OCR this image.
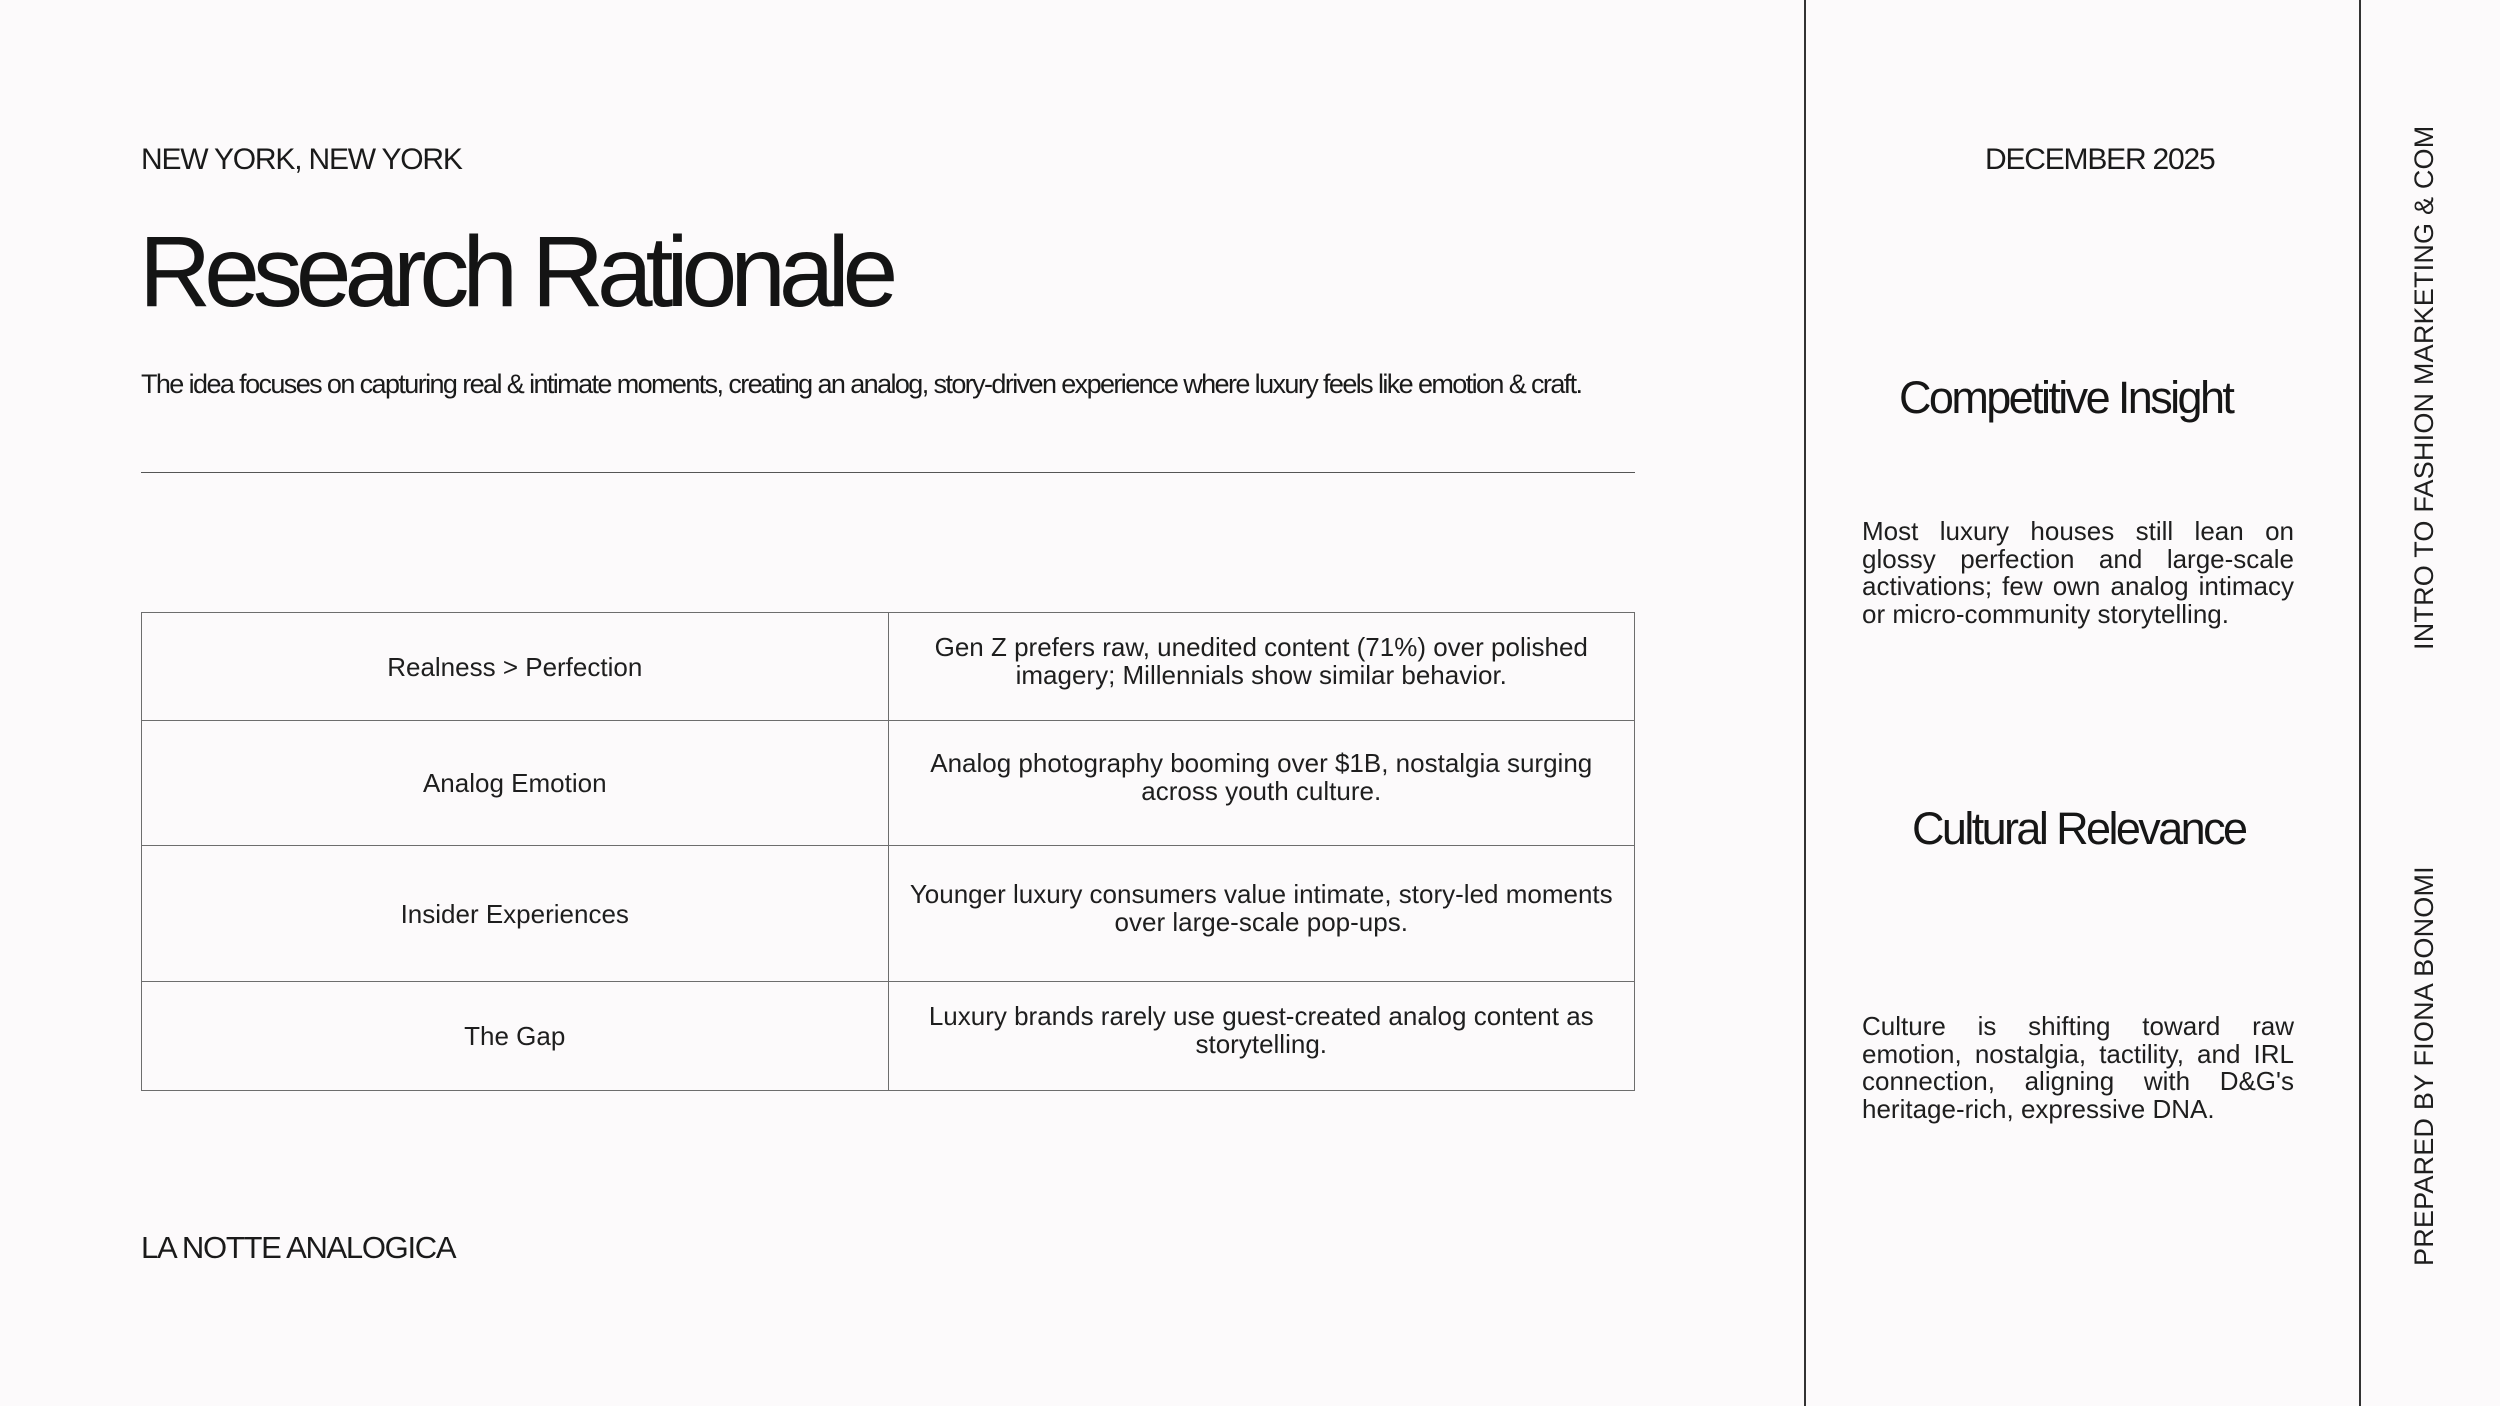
NEW YORK, NEW YORK
Research Rationale
The idea focuses on capturing real & intimate moments, creating an analog, story-driven experience where luxury feels like emotion & craft.
Realness > Perfection	Gen Z prefers raw, unedited content (71%) over polished imagery; Millennials show similar behavior.

Analog Emotion	Analog photography booming over $1B, nostalgia surging across youth culture.

Insider Experiences	Younger luxury consumers value intimate, story-led moments over large-scale pop-ups.

The Gap	Luxury brands rarely use guest-created analog content as storytelling.
LA NOTTE ANALOGICA
DECEMBER 2025
Competitive Insight
Most luxury houses still lean on glossy perfection and large-scale activations; few own analog intimacy or micro-community storytelling.
Cultural Relevance
Culture is shifting toward raw emotion, nostalgia, tactility, and IRL connection, aligning with D&G's heritage-rich, expressive DNA.
INTRO TO FASHION MARKETING & COM
PREPARED BY FIONA BONOMI
